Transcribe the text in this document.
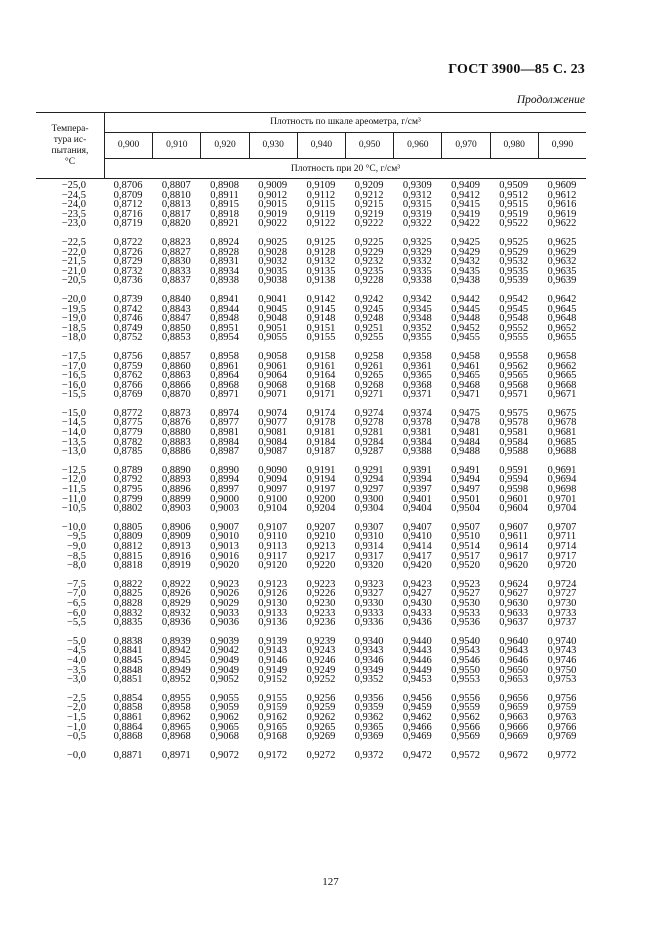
ГОСТ 3900—85 С. 23
Продолжение
Темпера-
тура ис-
пытания,
°С
Плотность по шкале ареометра, г/см³
0,900	0,910	0,920	0,930	0,940	0,950	0,960	0,970	0,980	0,990
Плотность при 20 °С, г/см³
−25,0	0,8706	0,8807	0,8908	0,9009	0,9109	0,9209	0,9309	0,9409	0,9509	0,9609
−24,5	0,8709	0,8810	0,8911	0,9012	0,9112	0,9212	0,9312	0,9412	0,9512	0,9612
−24,0	0,8712	0,8813	0,8915	0,9015	0,9115	0,9215	0,9315	0,9415	0,9515	0,9616
−23,5	0,8716	0,8817	0,8918	0,9019	0,9119	0,9219	0,9319	0,9419	0,9519	0,9619
−23,0	0,8719	0,8820	0,8921	0,9022	0,9122	0,9222	0,9322	0,9422	0,9522	0,9622
−22,5	0,8722	0,8823	0,8924	0,9025	0,9125	0,9225	0,9325	0,9425	0,9525	0,9625
−22,0	0,8726	0,8827	0,8928	0,9028	0,9128	0,9229	0,9329	0,9429	0,9529	0,9629
−21,5	0,8729	0,8830	0,8931	0,9032	0,9132	0,9232	0,9332	0,9432	0,9532	0,9632
−21,0	0,8732	0,8833	0,8934	0,9035	0,9135	0,9235	0,9335	0,9435	0,9535	0,9635
−20,5	0,8736	0,8837	0,8938	0,9038	0,9138	0,9228	0,9338	0,9438	0,9539	0,9639
−20,0	0,8739	0,8840	0,8941	0,9041	0,9142	0,9242	0,9342	0,9442	0,9542	0,9642
−19,5	0,8742	0,8843	0,8944	0,9045	0,9145	0,9245	0,9345	0,9445	0,9545	0,9645
−19,0	0,8746	0,8847	0,8948	0,9048	0,9148	0,9248	0,9348	0,9448	0,9548	0,9648
−18,5	0,8749	0,8850	0,8951	0,9051	0,9151	0,9251	0,9352	0,9452	0,9552	0,9652
−18,0	0,8752	0,8853	0,8954	0,9055	0,9155	0,9255	0,9355	0,9455	0,9555	0,9655
−17,5	0,8756	0,8857	0,8958	0,9058	0,9158	0,9258	0,9358	0,9458	0,9558	0,9658
−17,0	0,8759	0,8860	0,8961	0,9061	0,9161	0,9261	0,9361	0,9461	0,9562	0,9662
−16,5	0,8762	0,8863	0,8964	0,9064	0,9164	0,9265	0,9365	0,9465	0,9565	0,9665
−16,0	0,8766	0,8866	0,8968	0,9068	0,9168	0,9268	0,9368	0,9468	0,9568	0,9668
−15,5	0,8769	0,8870	0,8971	0,9071	0,9171	0,9271	0,9371	0,9471	0,9571	0,9671
−15,0	0,8772	0,8873	0,8974	0,9074	0,9174	0,9274	0,9374	0,9475	0,9575	0,9675
−14,5	0,8775	0,8876	0,8977	0,9077	0,9178	0,9278	0,9378	0,9478	0,9578	0,9678
−14,0	0,8779	0,8880	0,8981	0,9081	0,9181	0,9281	0,9381	0,9481	0,9581	0,9681
−13,5	0,8782	0,8883	0,8984	0,9084	0,9184	0,9284	0,9384	0,9484	0,9584	0,9685
−13,0	0,8785	0,8886	0,8987	0,9087	0,9187	0,9287	0,9388	0,9488	0,9588	0,9688
−12,5	0,8789	0,8890	0,8990	0,9090	0,9191	0,9291	0,9391	0,9491	0,9591	0,9691
−12,0	0,8792	0,8893	0,8994	0,9094	0,9194	0,9294	0,9394	0,9494	0,9594	0,9694
−11,5	0,8795	0,8896	0,8997	0,9097	0,9197	0,9297	0,9397	0,9497	0,9598	0,9698
−11,0	0,8799	0,8899	0,9000	0,9100	0,9200	0,9300	0,9401	0,9501	0,9601	0,9701
−10,5	0,8802	0,8903	0,9003	0,9104	0,9204	0,9304	0,9404	0,9504	0,9604	0,9704
−10,0	0,8805	0,8906	0,9007	0,9107	0,9207	0,9307	0,9407	0,9507	0,9607	0,9707
−9,5	0,8809	0,8909	0,9010	0,9110	0,9210	0,9310	0,9410	0,9510	0,9611	0,9711
−9,0	0,8812	0,8913	0,9013	0,9113	0,9213	0,9314	0,9414	0,9514	0,9614	0,9714
−8,5	0,8815	0,8916	0,9016	0,9117	0,9217	0,9317	0,9417	0,9517	0,9617	0,9717
−8,0	0,8818	0,8919	0,9020	0,9120	0,9220	0,9320	0,9420	0,9520	0,9620	0,9720
−7,5	0,8822	0,8922	0,9023	0,9123	0,9223	0,9323	0,9423	0,9523	0,9624	0,9724
−7,0	0,8825	0,8926	0,9026	0,9126	0,9226	0,9327	0,9427	0,9527	0,9627	0,9727
−6,5	0,8828	0,8929	0,9029	0,9130	0,9230	0,9330	0,9430	0,9530	0,9630	0,9730
−6,0	0,8832	0,8932	0,9033	0,9133	0,9233	0,9333	0,9433	0,9533	0,9633	0,9733
−5,5	0,8835	0,8936	0,9036	0,9136	0,9236	0,9336	0,9436	0,9536	0,9637	0,9737
−5,0	0,8838	0,8939	0,9039	0,9139	0,9239	0,9340	0,9440	0,9540	0,9640	0,9740
−4,5	0,8841	0,8942	0,9042	0,9143	0,9243	0,9343	0,9443	0,9543	0,9643	0,9743
−4,0	0,8845	0,8945	0,9049	0,9146	0,9246	0,9346	0,9446	0,9546	0,9646	0,9746
−3,5	0,8848	0,8949	0,9049	0,9149	0,9249	0,9349	0,9449	0,9550	0,9650	0,9750
−3,0	0,8851	0,8952	0,9052	0,9152	0,9252	0,9352	0,9453	0,9553	0,9653	0,9753
−2,5	0,8854	0,8955	0,9055	0,9155	0,9256	0,9356	0,9456	0,9556	0,9656	0,9756
−2,0	0,8858	0,8958	0,9059	0,9159	0,9259	0,9359	0,9459	0,9559	0,9659	0,9759
−1,5	0,8861	0,8962	0,9062	0,9162	0,9262	0,9362	0,9462	0,9562	0,9663	0,9763
−1,0	0,8864	0,8965	0,9065	0,9165	0,9265	0,9365	0,9466	0,9566	0,9666	0,9766
−0,5	0,8868	0,8968	0,9068	0,9168	0,9269	0,9369	0,9469	0,9569	0,9669	0,9769
−0,0	0,8871	0,8971	0,9072	0,9172	0,9272	0,9372	0,9472	0,9572	0,9672	0,9772
127
